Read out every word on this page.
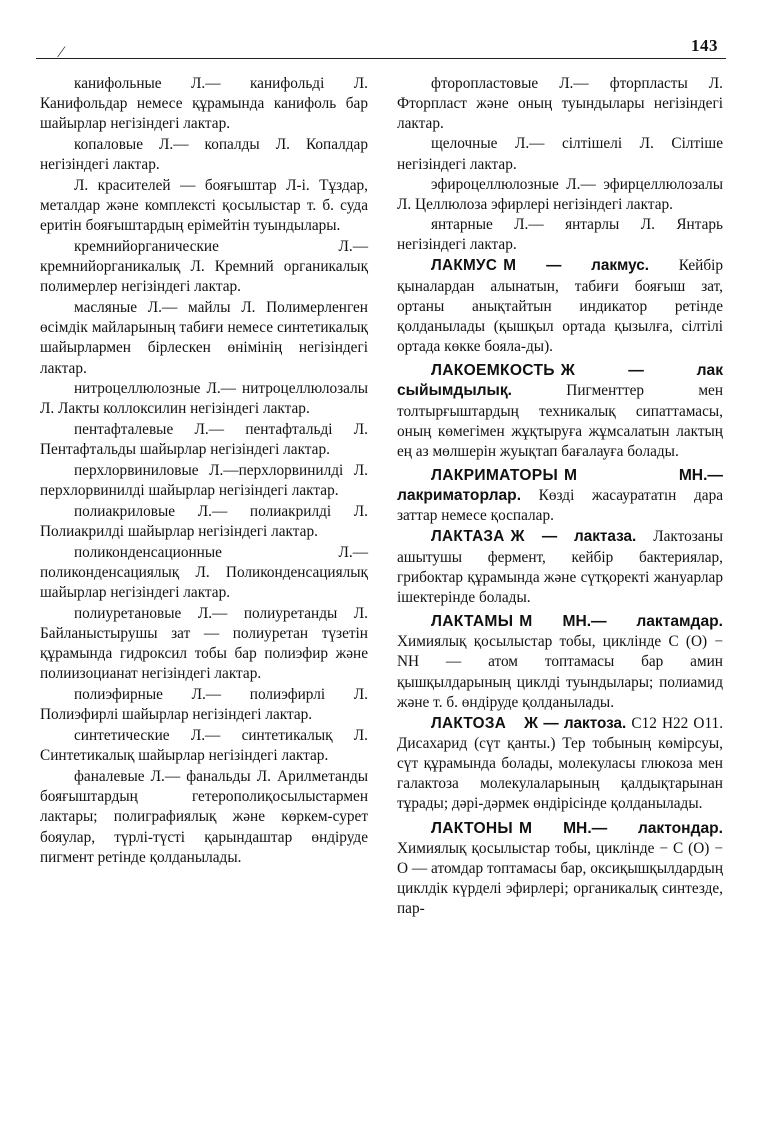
143
⁄

канифольные Л.— канифольді Л. Канифольдар немесе құрамында канифоль бар шайырлар негізіндегі лактар.

копаловые Л.— копалды Л. Копалдар негізіндегі лактар.

Л. красителей — бояғыштар Л-і. Тұздар, металдар және комплексті қосылыстар т. б. суда еритін бояғыштардың ерімейтін туындылары.

кремнийорганические Л.— кремнийорганикалық Л. Кремний органикалық полимерлер негізіндегі лактар.

масляные Л.— майлы Л. Полимерленген өсімдік майларының табиғи немесе синтетикалық шайырлармен бірлескен өнімінің негізіндегі лактар.

нитроцеллюлозные Л.— нитроцеллюлозалы Л. Лакты коллоксилин негізіндегі лактар.

пентафталевые Л.— пентафтальді Л. Пентафтальды шайырлар негізіндегі лактар.

перхлорвиниловые Л.—перхлорвинилді Л. перхлорвинилді шайырлар негізіндегі лактар.

полиакриловые Л.— полиакрилді Л. Полиакрилді шайырлар негізіндегі лактар.

поликонденсационные Л.— поликонденсациялық Л. Поликонденсациялық шайырлар негізіндегі лактар.

полиуретановые Л.— полиуретанды Л. Байланыстырушы зат — полиуретан түзетін құрамында гидроксил тобы бар полиэфир және полиизоцианат негізіндегі лактар.

полиэфирные Л.— полиэфирлі Л. Полиэфирлі шайырлар негізіндегі лактар.

синтетические Л.— синтетикалық Л. Синтетикалық шайырлар негізіндегі лактар.

фаналевые Л.— фанальды Л. Арилметанды бояғыштардың гетерополиқосылыстармен лактары; полиграфиялық және көркем-сурет бояулар, түрлі-түсті қарындаштар өндіруде пигмент ретінде қолданылады.

фторопластовые Л.— фторпласты Л. Фторпласт және оның туындылары негізіндегі лактар.

щелочные Л.— сілтішелі Л. Сілтіше негізіндегі лактар.

эфироцеллюлозные Л.— эфирцеллюлозалы Л. Целлюлоза эфирлері негізіндегі лактар.

янтарные Л.— янтарлы Л. Янтарь негізіндегі лактар.

ЛАКМУС М — лакмус. Кейбір қыналардан алынатын, табиғи бояғыш зат, ортаны анықтайтын индикатор ретінде қолданылады (қышқыл ортада қызылға, сілтілі ортада көкке бояла-ды).

ЛАКОЕМКОСТЬ Ж —	лак сыйымдылық.	Пигменттер мен толтырғыштардың техникалық сипаттамасы, оның көмегімен жұқтыруға жұмсалатын лактың ең аз мөлшерін жуықтап бағалауға болады.

ЛАКРИМАТОРЫ М МН.— лакриматорлар. Көзді жасаурататıн дара заттар немесе қоспалар.

ЛАКТАЗА Ж — лактаза. Лактозаны ашытушы фермент, кейбір бактериялар, грибоктар құрамында және сүтқоректі жануарлар ішектерінде болады.

ЛАКТАМЫ М МН.— лактамдар. Химиялық қосылыстар тобы, циклінде С (О) − NH — атом топтамасы бар амин қышқылдарының циклді туындылары; полиамид және т. б. өндіруде қолданылады.

ЛАКТОЗА Ж — лактоза. C12 H22 O11. Дисахарид (сүт қанты.) Тер тобының көмірсуы, сүт құрамында болады, молекуласы глюкоза мен галактоза молекулаларының қалдықтарынан тұрады; дәрі-дәрмек өндірісінде қолданылады.

ЛАКТОНЫ М МН.— лактондар. Химиялық қосылыстар тобы, циклінде − С (О) − О — атомдар топтамасы бар, оксиқышқылдардың циклдік күрделі эфирлері; органикалық синтезде, пар-
